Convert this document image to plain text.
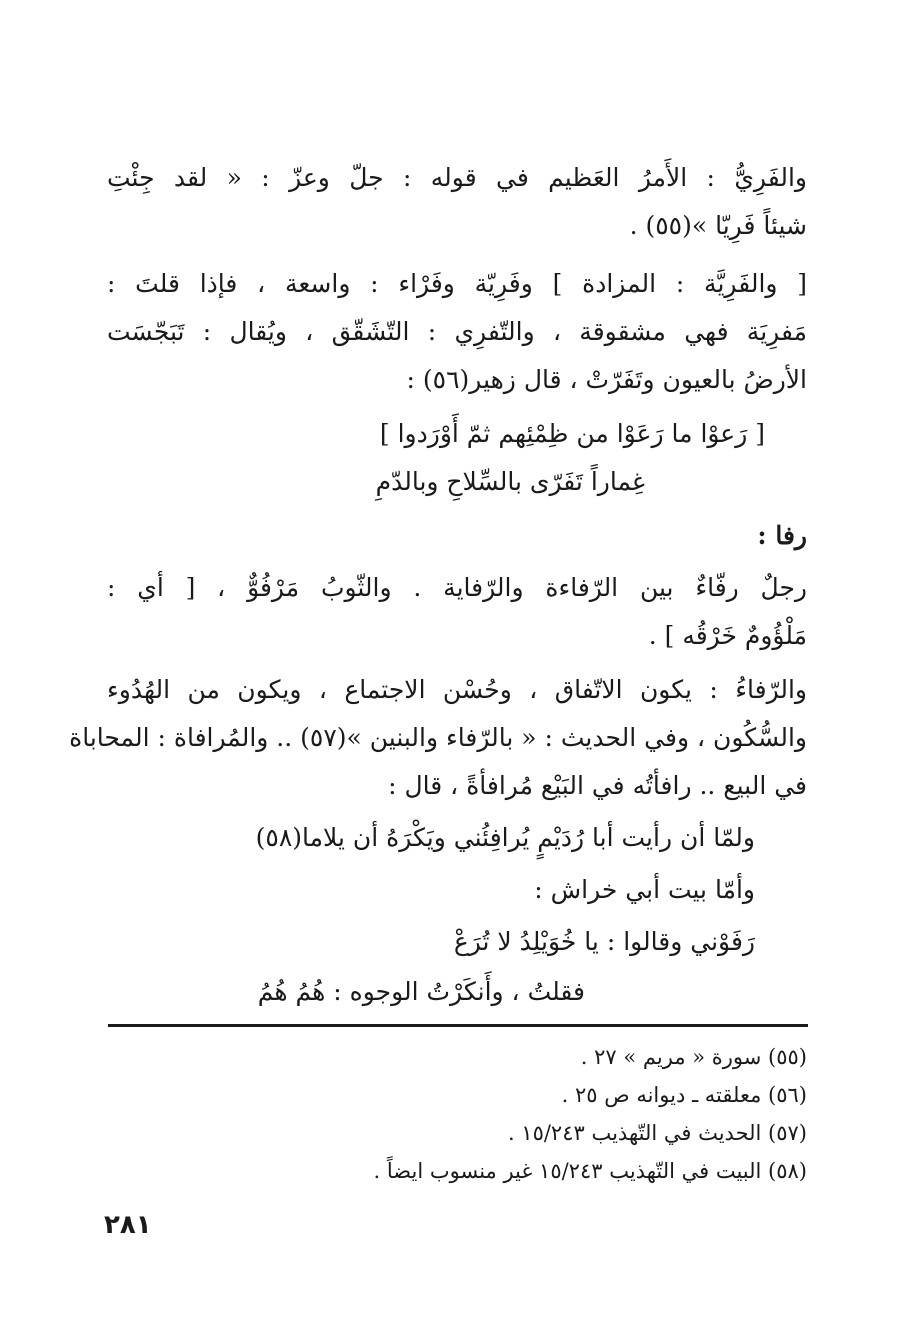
والفَرِيُّ : الأَمرُ العَظيم في قوله : جلّ وعزّ : « لقد جِئْتِ
شيئاً فَرِيّا »(٥٥) .
[ والفَرِيَّة : المزادة ] وفَرِيّة وفَرْاء : واسعة ، فإذا قلتَ :
مَفرِيَة فهي مشقوقة ، والتّفرِي : التّشَقّق ، ويُقال : تَبَجّسَت
الأرضُ بالعيون وتَفَرّتْ ، قال زهير(٥٦) :
[ رَعوْا ما رَعَوْا من ظِمْئِهم ثمّ أَوْرَدوا ]
غِماراً تَفَرّى بالسِّلاحِ وبالدّمِ
رفا :
رجلٌ رفّاءٌ بين الرّفاءة والرّفاية . والثّوبُ مَرْفُوٌّ ، [ أي :
مَلْؤُومٌ خَرْقُه ] .
والرّفاءُ : يكون الاتّفاق ، وحُسْن الاجتماع ، ويكون من الهُدُوء
والسُّكُون ، وفي الحديث : « بالرّفاء والبنين »(٥٧) .. والمُرافاة : المحاباة
في البيع .. رافأتُه في البَيْع مُرافأةً ، قال :
ولمّا أن رأيت أبا رُدَيْمٍ يُرافِئُني ويَكْرَهُ أن يلاما(٥٨)
وأمّا بيت أبي خراش :
رَفَوْني وقالوا : يا خُوَيْلِدُ لا تُرَعْ
فقلتُ ، وأَنكَرْتُ الوجوه : هُمُ هُمُ
(٥٥) سورة « مريم » ٢٧ .
(٥٦) معلقته ـ ديوانه ص ٢٥ .
(٥٧) الحديث في التّهذيب ١٥/٢٤٣ .
(٥٨) البيت في التّهذيب ١٥/٢٤٣ غير منسوب ايضاً .
٢٨١
